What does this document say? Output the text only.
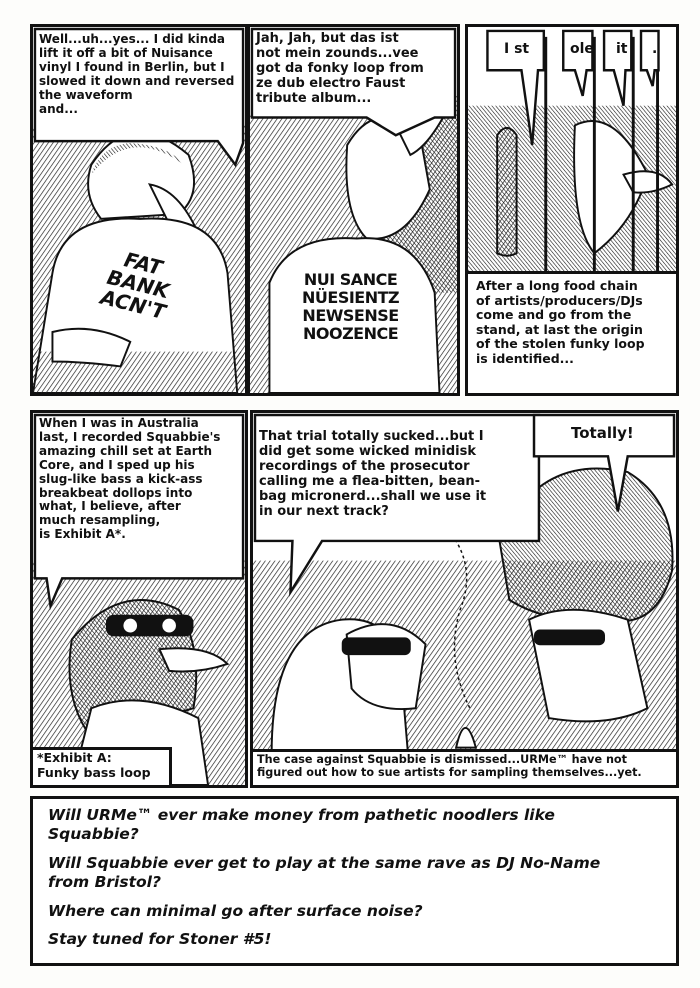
Well...uh...yes... I did kinda
lift it off a bit of Nuisance
vinyl I found in Berlin, but I
slowed it down and reversed
the waveform
and...
FAT
BANK
ACN'T
Jah, Jah, but das ist
not mein zounds...vee
got da fonky loop from
ze dub electro Faust
tribute album...
NUI SANCE
NÜESIENTZ
NEWSENSE
NOOZENCE
I st	ole it .
After a long food chain
of artists/producers/DJs
come and go from the
stand, at last the origin
of the stolen funky loop
is identified...
When I was in Australia
last, I recorded Squabbie's
amazing chill set at Earth
Core, and I sped up his
slug-like bass a kick-ass
breakbeat dollops into
what, I believe, after
much resampling,
is Exhibit A*.
*Exhibit A:
Funky bass loop
That trial totally sucked...but I
did get some wicked minidisk
recordings of the prosecutor
calling me a flea-bitten, bean-
bag micronerd...shall we use it
in our next track?
Totally!
The case against Squabbie is dismissed...URMe™ have not
figured out how to sue artists for sampling themselves...yet.
Will URMe™ ever make money from pathetic noodlers like
Squabbie?
Will Squabbie ever get to play at the same rave as DJ No-Name
from Bristol?
Where can minimal go after surface noise?
Stay tuned for Stoner #5!
